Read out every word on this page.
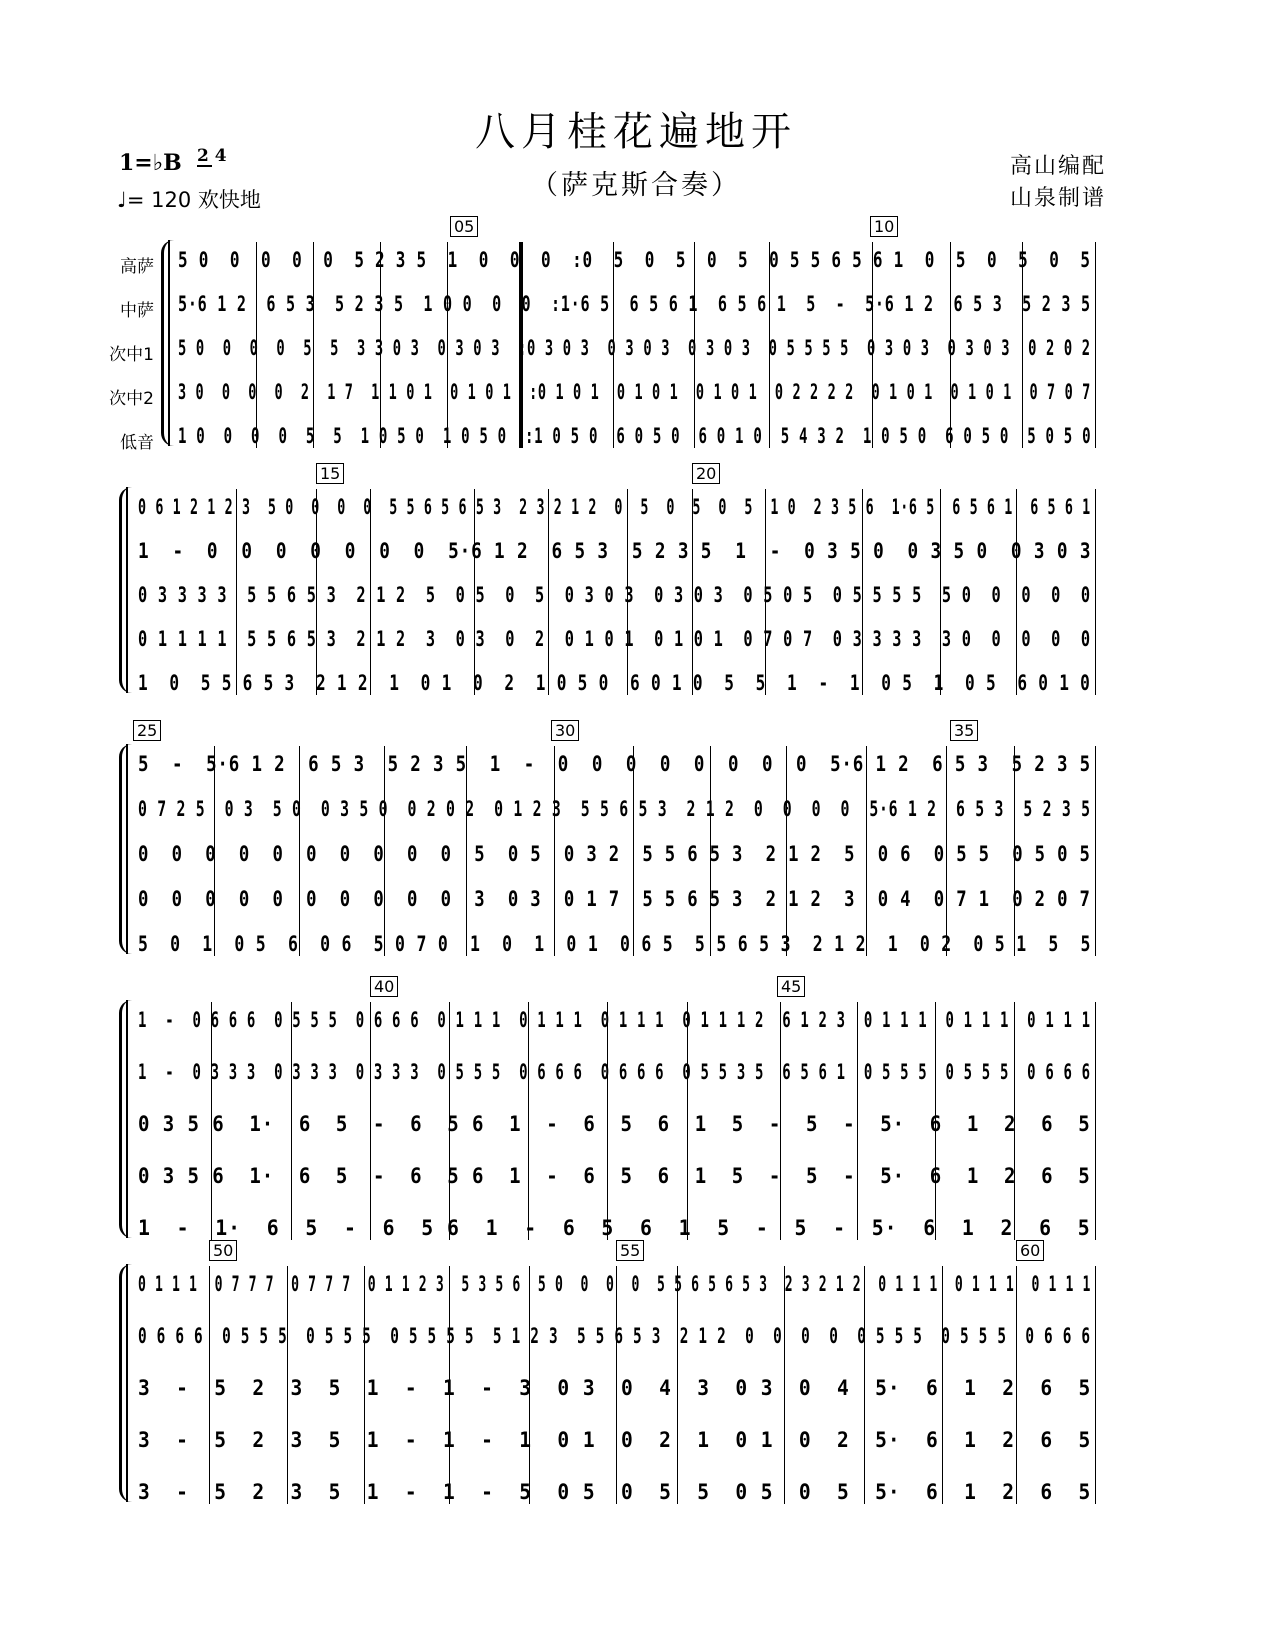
八月桂花遍地开
（萨克斯合奏）
1=♭B 2 4
♩= 120 欢快地
高山编配
山泉制谱
高萨
中萨
次中1
次中2
低音
5 0  0  0  0  0  5 2 3 5  1  0  0  0  :0  5  0  5  0  5  0 5 5 6 5 6 1  0  5  0  5  0  5
5·6 1 2  6 5 3  5 2 3 5  1 0 0  0  0  :1·6 5  6 5 6 1  6 5 6 1  5  -  5·6 1 2  6 5 3  5 2 3 5
5 0  0  0  0  5  5  3 3 0 3  0 3 0 3  :0 3 0 3  0 3 0 3  0 3 0 3  0 5 5 5 5  0 3 0 3  0 3 0 3  0 2 0 2
3 0  0  0  0  2  1 7  1 1 0 1  0 1 0 1  :0 1 0 1  0 1 0 1  0 1 0 1  0 2 2 2 2  0 1 0 1  0 1 0 1  0 7 0 7
1 0  0  0  0  5  5  1 0 5 0  1 0 5 0  :1 0 5 0  6 0 5 0  6 0 1 0  5 4 3 2  1 0 5 0  6 0 5 0  5 0 5 0
0 6 1 2 1 2 3  5 0  0  0  0  5 5 6 5 6 5 3  2 3 2 1 2  0  5  0  5  0  5  1 0  2 3 5 6  1·6 5  6 5 6 1  6 5 6 1
1  -  0  0  0  0  0  0  0  5·6 1 2  6 5 3  5 2 3 5  1  -  0 3 5 0  0 3 5 0  0 3 0 3
0 3 3 3 3  5 5 6 5 3  2 1 2  5  0 5  0  5  0 3 0 3  0 3 0 3  0 5 0 5  0 5 5 5 5  5 0  0  0  0  0
0 1 1 1 1  5 5 6 5 3  2 1 2  3  0 3  0  2  0 1 0 1  0 1 0 1  0 7 0 7  0 3 3 3 3  3 0  0  0  0  0
1  0  5 5 6 5 3  2 1 2  1  0 1  0  2  1 0 5 0  6 0 1 0  5  5  1  -  1  0 5  1  0 5  6 0 1 0
5  -  5·6 1 2  6 5 3  5 2 3 5  1  -  0  0  0  0  0  0  0  0  5·6 1 2  6 5 3  5 2 3 5
0 7 2 5  0 3  5 0  0 3 5 0  0 2 0 2  0 1 2 3  5 5 6 5 3  2 1 2  0  0  0  0  5·6 1 2  6 5 3  5 2 3 5
0  0  0  0  0  0  0  0  0  0  5  0 5  0 3 2  5 5 6 5 3  2 1 2  5  0 6  0 5 5  0 5 0 5
0  0  0  0  0  0  0  0  0  0  3  0 3  0 1 7  5 5 6 5 3  2 1 2  3  0 4  0 7 1  0 2 0 7
5  0  1  0 5  6  0 6  5 0 7 0  1  0  1  0 1  0 6 5  5 5 6 5 3  2 1 2  1  0 2  0 5 1  5  5
1  -  0 6 6 6  0 5 5 5  0 6 6 6  0 1 1 1  0 1 1 1  0 1 1 1  0 1 1 1 2  6 1 2 3  0 1 1 1  0 1 1 1  0 1 1 1
1  -  0 3 3 3  0 3 3 3  0 3 3 3  0 5 5 5  0 6 6 6  0 6 6 6  0 5 5 3 5  6 5 6 1  0 5 5 5  0 5 5 5  0 6 6 6
0 3 5 6  1·  6  5  -  6  5 6  1  -  6  5  6  1  5  -  5  -  5·  6  1  2  6  5
0 3 5 6  1·  6  5  -  6  5 6  1  -  6  5  6  1  5  -  5  -  5·  6  1  2  6  5
1  -  1·  6  5  -  6  5 6  1  -  6  5  6  1  5  -  5  -  5·  6  1  2  6  5
0 1 1 1  0 7 7 7  0 7 7 7  0 1 1 2 3  5 3 5 6  5 0  0  0  0  5 5 6 5 6 5 3  2 3 2 1 2  0 1 1 1  0 1 1 1  0 1 1 1
0 6 6 6  0 5 5 5  0 5 5 5  0 5 5 5 5  5 1 2 3  5 5 6 5 3  2 1 2  0  0  0  0  0 5 5 5  0 5 5 5  0 6 6 6
3  -  5  2  3  5  1  -  1  -  3  0 3  0  4  3  0 3  0  4  5·  6  1  2  6  5
3  -  5  2  3  5  1  -  1  -  1  0 1  0  2  1  0 1  0  2  5·  6  1  2  6  5
3  -  5  2  3  5  1  -  1  -  5  0 5  0  5  5  0 5  0  5  5·  6  1  2  6  5
05	10
15	20
25	30	35
40	45
50	55	60
